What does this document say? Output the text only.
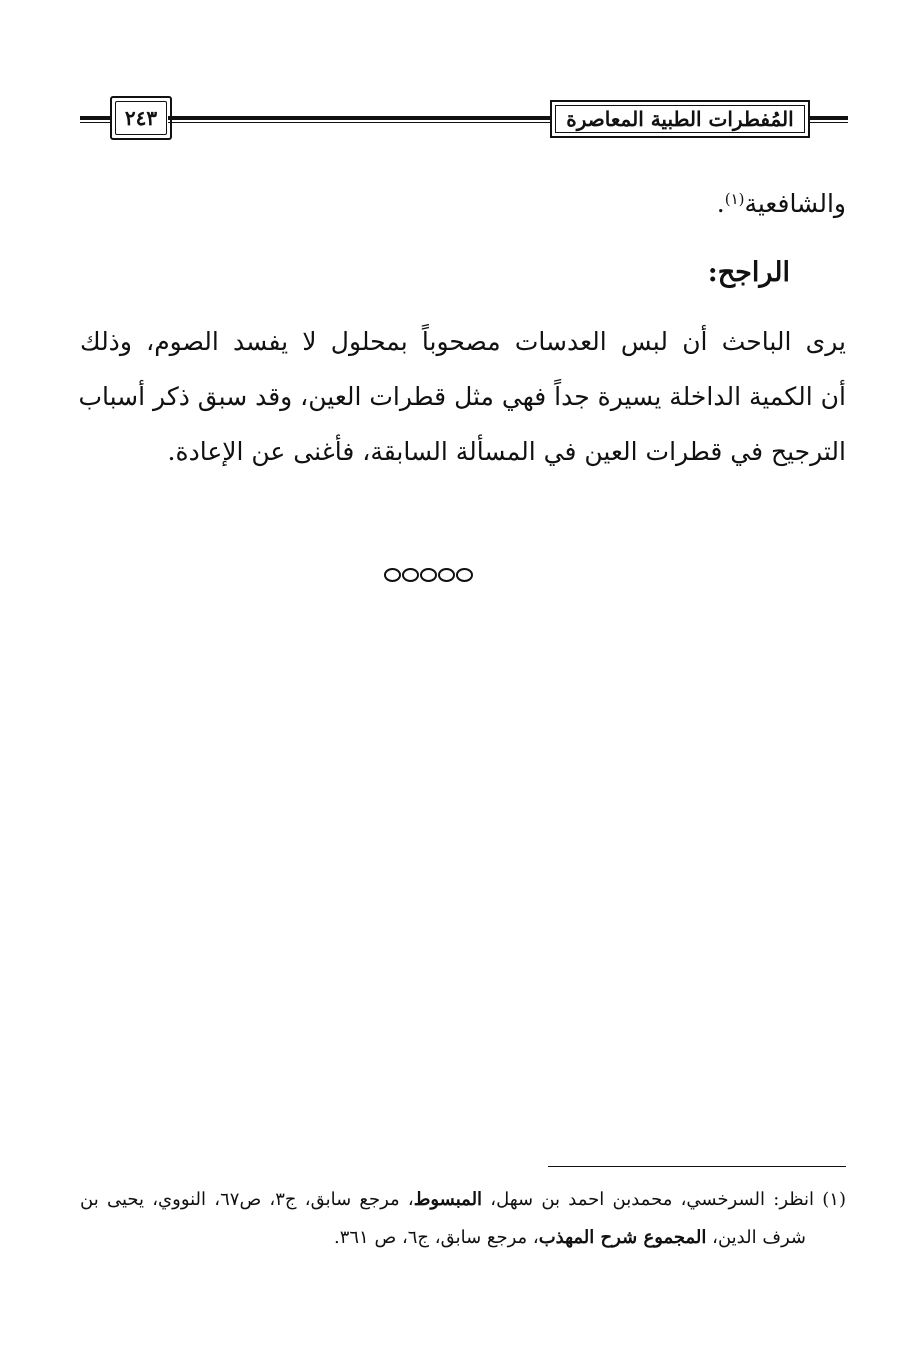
٢٤٣	المُفطرات الطبية المعاصرة
والشافعية$^{(١)}$.
الراجح:
يرى الباحث أن لبس العدسات مصحوباً بمحلول لا يفسد الصوم، وذلك
أن الكمية الداخلة يسيرة جداً فهي مثل قطرات العين، وقد سبق ذكر أسباب
الترجيح في قطرات العين في المسألة السابقة، فأغنى عن الإعادة.
(١) انظر: السرخسي، محمدبن احمد بن سهل، المبسوط، مرجع سابق، ج٣، ص٦٧، النووي، يحيى بن
شرف الدين، المجموع شرح المهذب، مرجع سابق، ج٦، ص ٣٦١.
